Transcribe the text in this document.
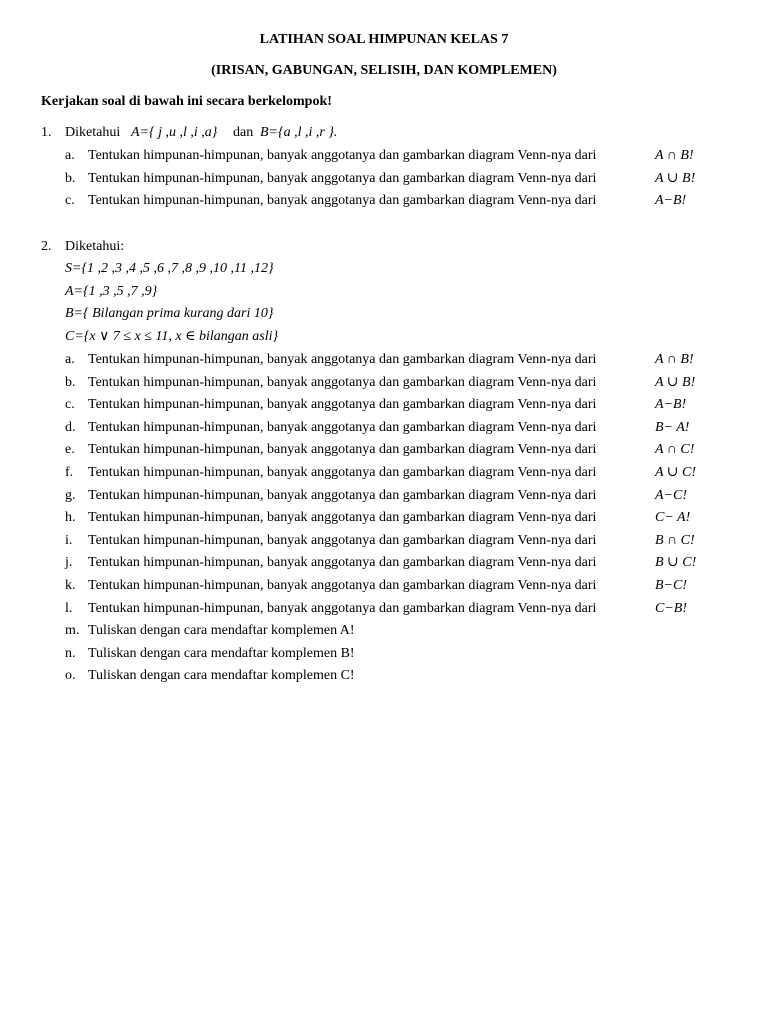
LATIHAN SOAL HIMPUNAN KELAS 7
(IRISAN, GABUNGAN, SELISIH, DAN KOMPLEMEN)
Kerjakan soal di bawah ini secara berkelompok!
1. Diketahui A={ j ,u ,l ,i ,a} dan B={a ,l ,i ,r }.
a. Tentukan himpunan-himpunan, banyak anggotanya dan gambarkan diagram Venn-nya dari	A ∩ B!
b. Tentukan himpunan-himpunan, banyak anggotanya dan gambarkan diagram Venn-nya dari	A ∪ B!
c. Tentukan himpunan-himpunan, banyak anggotanya dan gambarkan diagram Venn-nya dari	A−B!
2. Diketahui:
S={1 ,2 ,3 ,4 ,5 ,6 ,7 ,8 ,9 ,10 ,11 ,12}
A={1 ,3 ,5 ,7 ,9}
B={ Bilangan prima kurang dari 10}
C={x ∨ 7 ≤ x ≤ 11, x ∈ bilangan asli}
a. Tentukan himpunan-himpunan, banyak anggotanya dan gambarkan diagram Venn-nya dari	A ∩ B!
b. Tentukan himpunan-himpunan, banyak anggotanya dan gambarkan diagram Venn-nya dari	A ∪ B!
c. Tentukan himpunan-himpunan, banyak anggotanya dan gambarkan diagram Venn-nya dari	A−B!
d. Tentukan himpunan-himpunan, banyak anggotanya dan gambarkan diagram Venn-nya dari	B− A!
e. Tentukan himpunan-himpunan, banyak anggotanya dan gambarkan diagram Venn-nya dari	A ∩ C!
f. Tentukan himpunan-himpunan, banyak anggotanya dan gambarkan diagram Venn-nya dari	A ∪ C!
g. Tentukan himpunan-himpunan, banyak anggotanya dan gambarkan diagram Venn-nya dari	A−C!
h. Tentukan himpunan-himpunan, banyak anggotanya dan gambarkan diagram Venn-nya dari	C− A!
i. Tentukan himpunan-himpunan, banyak anggotanya dan gambarkan diagram Venn-nya dari	B ∩ C!
j. Tentukan himpunan-himpunan, banyak anggotanya dan gambarkan diagram Venn-nya dari	B ∪ C!
k. Tentukan himpunan-himpunan, banyak anggotanya dan gambarkan diagram Venn-nya dari	B−C!
l. Tentukan himpunan-himpunan, banyak anggotanya dan gambarkan diagram Venn-nya dari	C−B!
m. Tuliskan dengan cara mendaftar komplemen A!
n. Tuliskan dengan cara mendaftar komplemen B!
o. Tuliskan dengan cara mendaftar komplemen C!
